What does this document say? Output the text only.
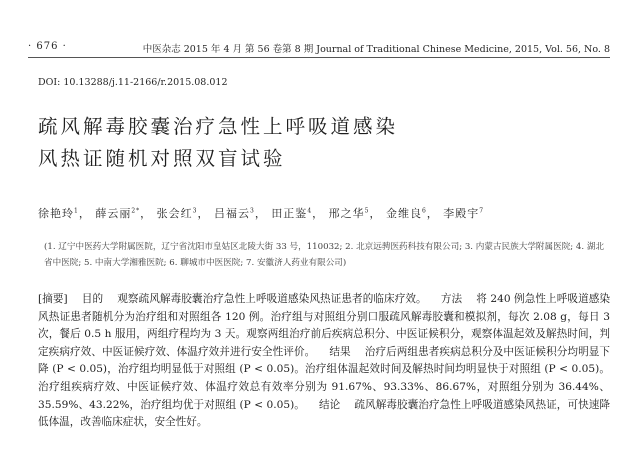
· 676 ·	中医杂志 2015 年 4 月 第 56 卷第 8 期 Journal of Traditional Chinese Medicine, 2015, Vol. 56, No. 8
DOI: 10.13288/j.11-2166/r.2015.08.012
疏风解毒胶囊治疗急性上呼吸道感染
风热证随机对照双盲试验
徐艳玲$^1$， 薛云丽$^{2*}$， 张会红$^3$， 吕福云$^3$， 田正鉴$^4$， 邢之华$^5$， 金维良$^6$， 李殿宇$^7$
(1. 辽宁中医药大学附属医院，辽宁省沈阳市皇姑区北陵大街 33 号，110032; 2. 北京远骋医药科技有限公司; 3. 内蒙古民族大学附属医院; 4. 湖北省中医院; 5. 中南大学湘雅医院; 6. 聊城市中医医院; 7. 安徽济人药业有限公司)
[摘要] 目的 观察疏风解毒胶囊治疗急性上呼吸道感染风热证患者的临床疗效。 方法 将 240 例急性上呼吸道感染风热证患者随机分为治疗组和对照组各 120 例。治疗组与对照组分别口服疏风解毒胶囊和模拟剂，每次 2.08 g，每日 3 次，餐后 0.5 h 服用，两组疗程均为 3 天。观察两组治疗前后疾病总积分、中医证候积分，观察体温起效及解热时间，判定疾病疗效、中医证候疗效、体温疗效并进行安全性评价。 结果 治疗后两组患者疾病总积分及中医证候积分均明显下降 (P < 0.05)，治疗组均明显低于对照组 (P < 0.05)。治疗组体温起效时间及解热时间均明显快于对照组 (P < 0.05)。治疗组疾病疗效、中医证候疗效、体温疗效总有效率分别为 91.67%、93.33%、86.67%，对照组分别为 36.44%、35.59%、43.22%，治疗组均优于对照组 (P < 0.05)。 结论 疏风解毒胶囊治疗急性上呼吸道感染风热证，可快速降低体温，改善临床症状，安全性好。
